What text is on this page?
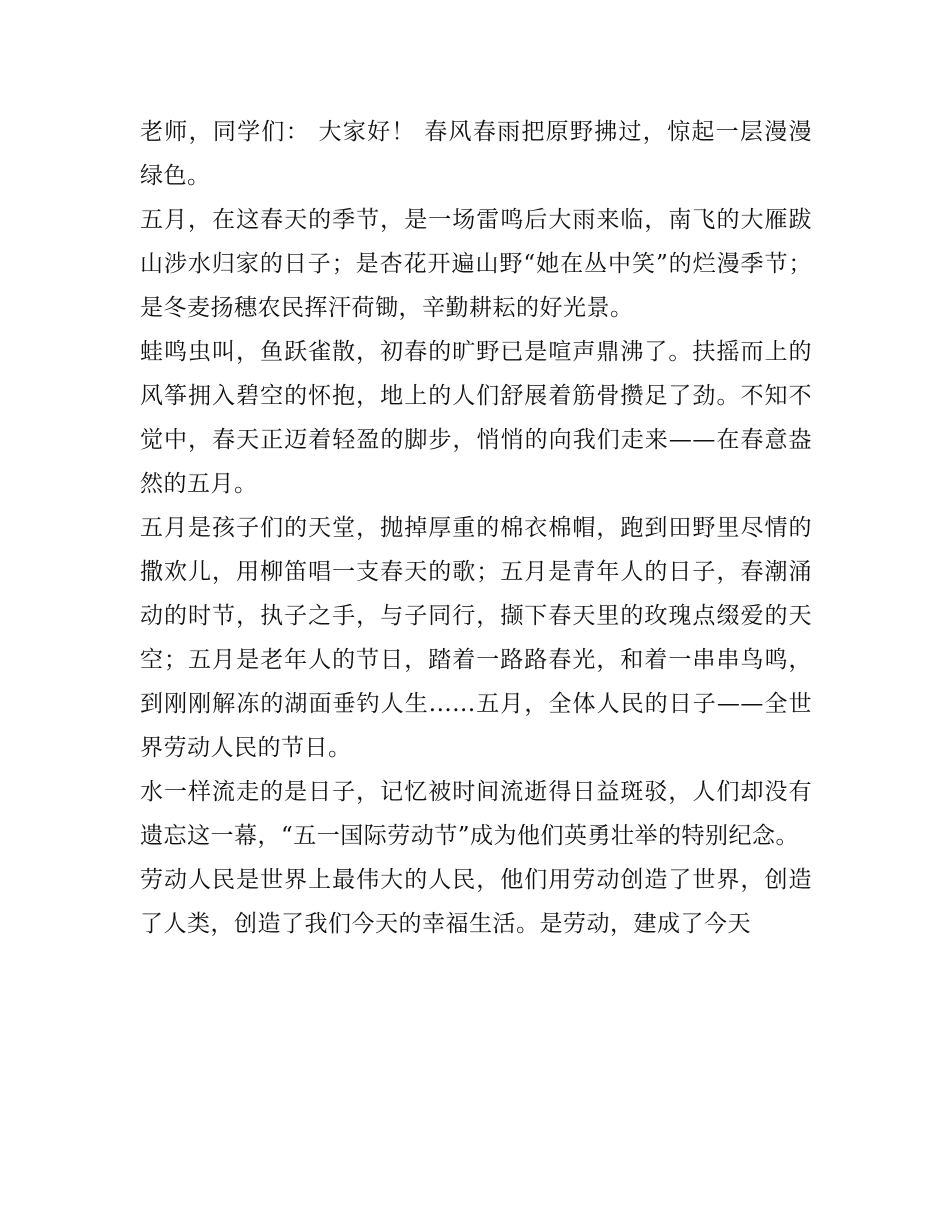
老师，同学们： 大家好！ 春风春雨把原野拂过，惊起一层漫漫绿色。

五月，在这春天的季节，是一场雷鸣后大雨来临，南飞的大雁跋山涉水归家的日子；是杏花开遍山野“她在丛中笑”的烂漫季节；是冬麦扬穗农民挥汗荷锄，辛勤耕耘的好光景。

蛙鸣虫叫，鱼跃雀散，初春的旷野已是喧声鼎沸了。扶摇而上的风筝拥入碧空的怀抱，地上的人们舒展着筋骨攒足了劲。不知不觉中，春天正迈着轻盈的脚步，悄悄的向我们走来——在春意盎然的五月。

五月是孩子们的天堂，抛掉厚重的棉衣棉帽，跑到田野里尽情的撒欢儿，用柳笛唱一支春天的歌；五月是青年人的日子，春潮涌动的时节，执子之手，与子同行，撷下春天里的玫瑰点缀爱的天空；五月是老年人的节日，踏着一路路春光，和着一串串鸟鸣，到刚刚解冻的湖面垂钓人生......五月，全体人民的日子——全世界劳动人民的节日。

水一样流走的是日子，记忆被时间流逝得日益斑驳，人们却没有遗忘这一幕，“五一国际劳动节”成为他们英勇壮举的特别纪念。

劳动人民是世界上最伟大的人民，他们用劳动创造了世界，创造了人类，创造了我们今天的幸福生活。是劳动，建成了今天
